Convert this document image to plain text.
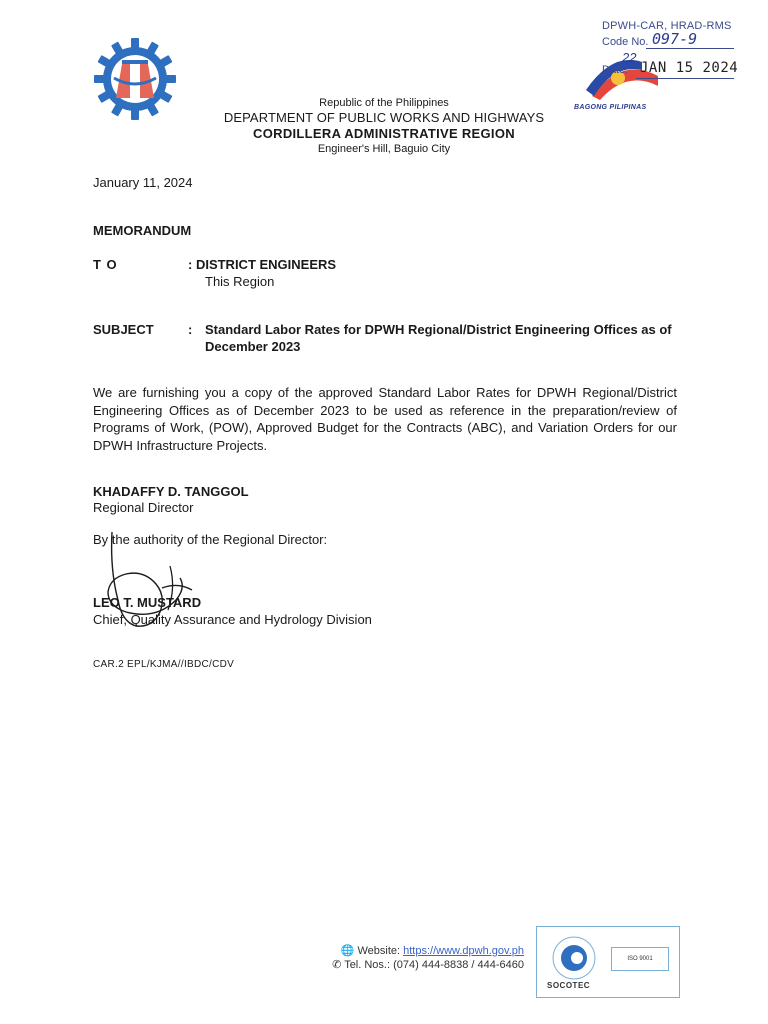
Republic of the Philippines
DEPARTMENT OF PUBLIC WORKS AND HIGHWAYS
CORDILLERA ADMINISTRATIVE REGION
Engineer's Hill, Baguio City
DPWH-CAR, HRAD-RMS
Code No. 097-9
22
Date: JAN 15 2024
BAGONG PILIPINAS
January 11, 2024
MEMORANDUM
T O	: DISTRICT ENGINEERS
This Region
SUBJECT	: Standard Labor Rates for DPWH Regional/District Engineering Offices as of December 2023
We are furnishing you a copy of the approved Standard Labor Rates for DPWH Regional/District Engineering Offices as of December 2023 to be used as reference in the preparation/review of Programs of Work, (POW), Approved Budget for the Contracts (ABC), and Variation Orders for our DPWH Infrastructure Projects.
KHADAFFY D. TANGGOL
Regional Director
By the authority of the Regional Director:
LEO T. MUSTARD
Chief, Quality Assurance and Hydrology Division
CAR.2 EPL/KJMA//IBDC/CDV
🌐 Website: https://www.dpwh.gov.ph
✆ Tel. Nos.: (074) 444-8838 / 444-6460
SOCOTEC
ISO 9001
